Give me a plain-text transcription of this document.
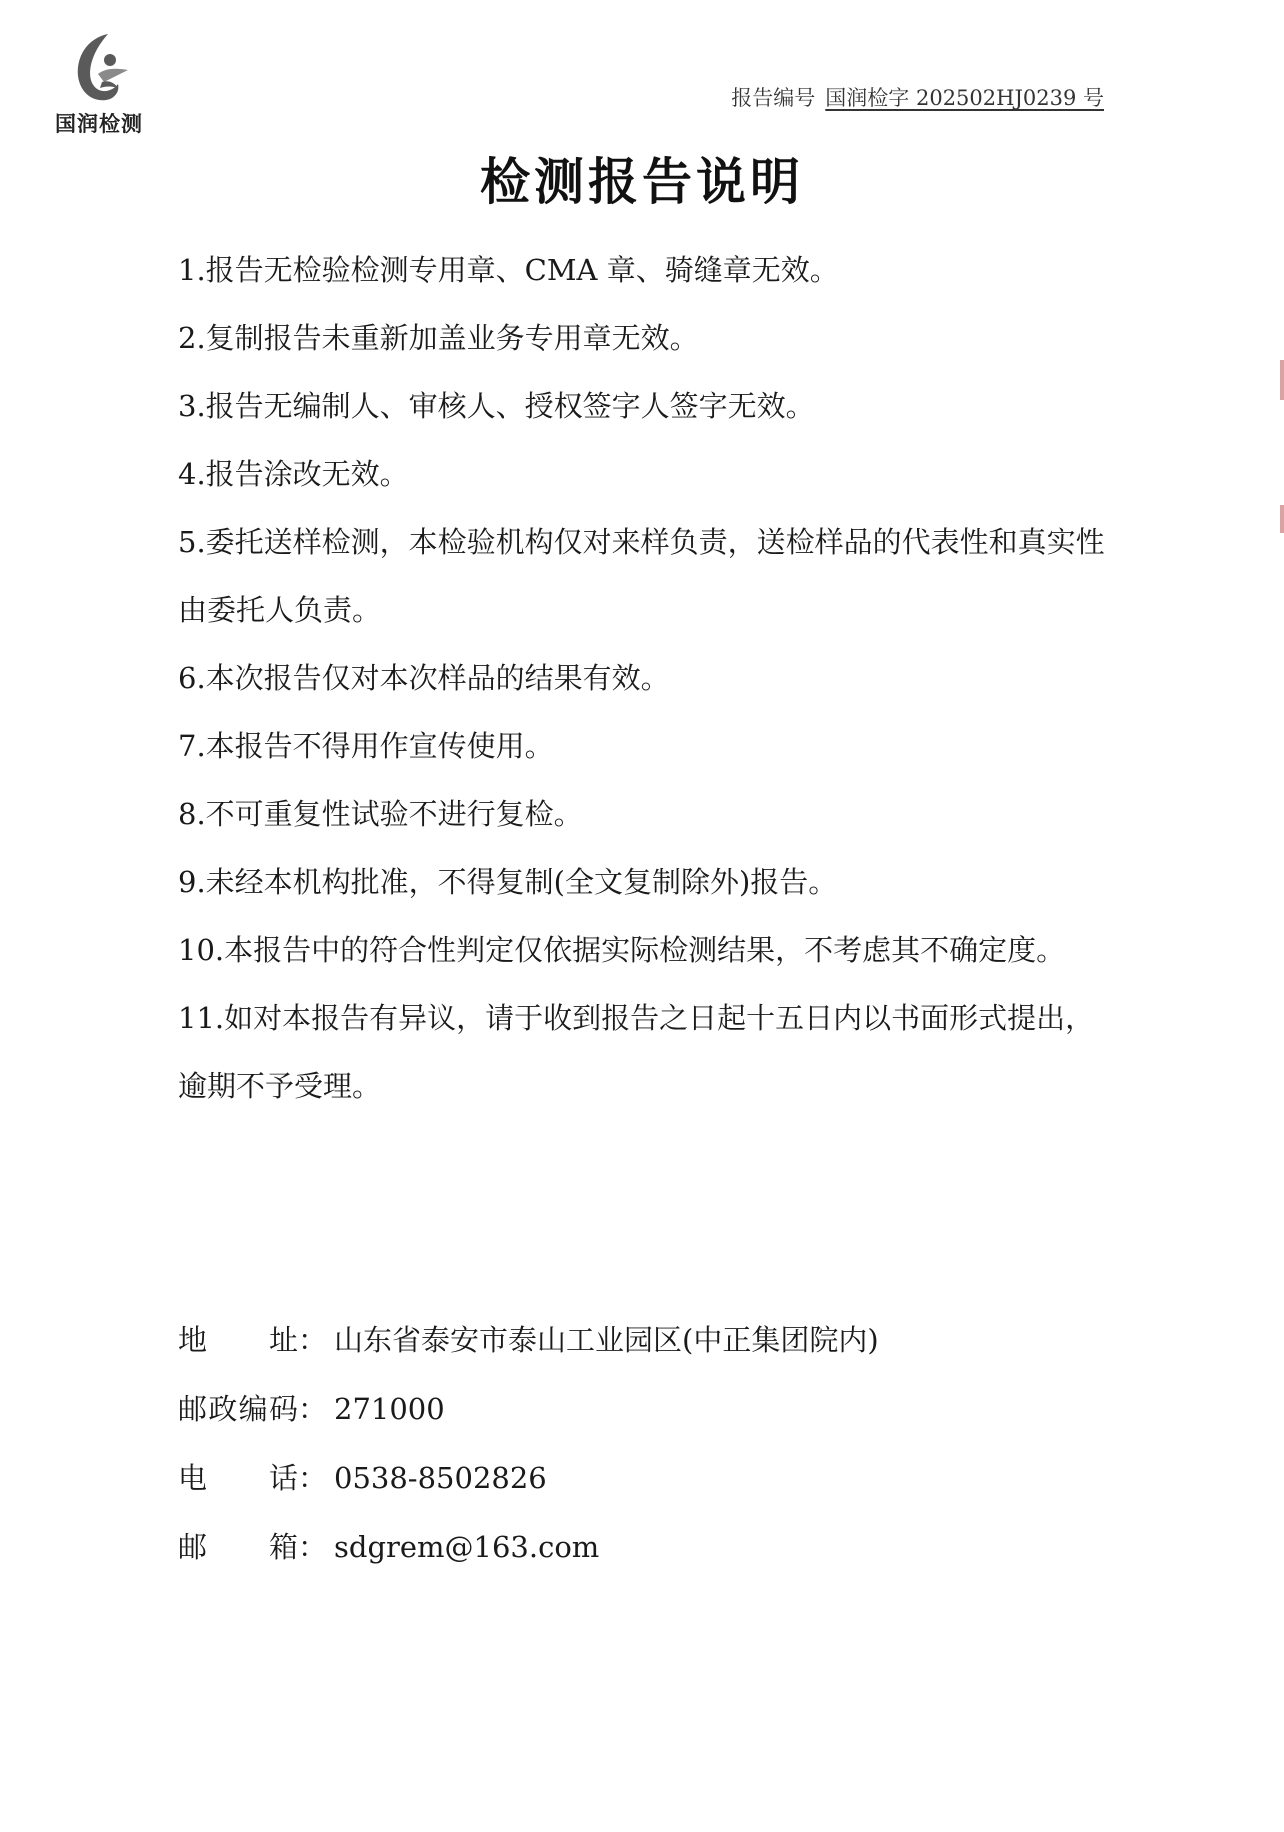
国润检测
报告编号 国润检字 202502HJ0239 号
检测报告说明
1.报告无检验检测专用章、CMA 章、骑缝章无效。
2.复制报告未重新加盖业务专用章无效。
3.报告无编制人、审核人、授权签字人签字无效。
4.报告涂改无效。
5.委托送样检测，本检验机构仅对来样负责，送检样品的代表性和真实性由委托人负责。
6.本次报告仅对本次样品的结果有效。
7.本报告不得用作宣传使用。
8.不可重复性试验不进行复检。
9.未经本机构批准，不得复制(全文复制除外)报告。
10.本报告中的符合性判定仅依据实际检测结果，不考虑其不确定度。
11.如对本报告有异议，请于收到报告之日起十五日内以书面形式提出，逾期不予受理。
地址 ： 山东省泰安市泰山工业园区(中正集团院内)
邮政编码 ： 271000
电话 ： 0538-8502826
邮箱 ： sdgrem@163.com
